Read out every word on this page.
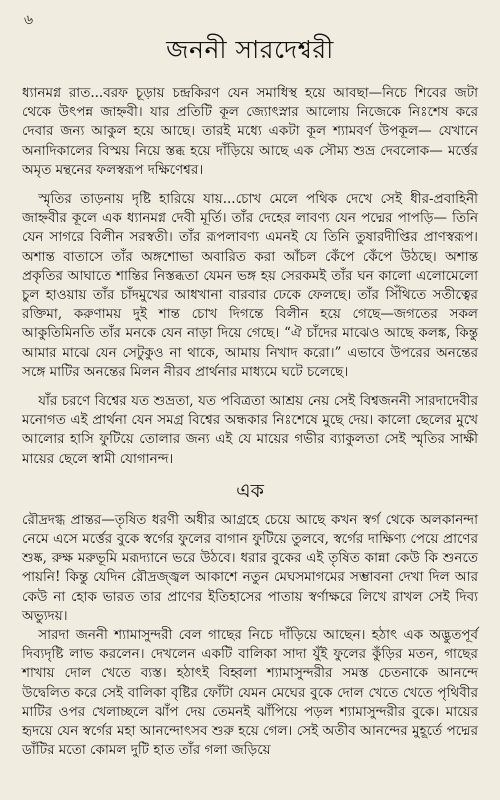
৬
জননী সারদেশ্বরী

ধ্যানমগ্ন রাত...বরফ চূড়ায় চন্দ্রকিরণ যেন সমাধিস্থ হয়ে আবছা—নিচে শিবের জটা থেকে উৎপন্ন জাহ্নবী। যার প্রতিটি কূল জ্যোৎস্নার আলোয় নিজেকে নিঃশেষ করে দেবার জন্য আকুল হয়ে আছে। তারই মধ্যে একটা কূল শ্যামবর্ণ উপকূল— যেখানে অনাদিকালের বিস্ময় নিয়ে স্তব্ধ হয়ে দাঁড়িয়ে আছে এক সৌম্য শুভ্র দেবলোক— মর্ত্তের অমৃত মন্থনের ফলস্বরূপ দক্ষিণেশ্বর।

স্মৃতির তাড়নায় দৃষ্টি হারিয়ে যায়...চোখ মেলে পথিক দেখে সেই ধীর-প্রবাহিনী জাহ্নবীর কূলে এক ধ্যানমগ্ন দেবী মূর্তি। তাঁর দেহের লাবণ্য যেন পদ্মের পাপড়ি— তিনি যেন সাগরে বিলীন সরস্বতী। তাঁর রূপলাবণ্য এমনই যে তিনি তুষারদীপ্তির প্রাণস্বরূপ। অশান্ত বাতাসে তাঁর অঙ্গশোভা অবারিত করা আঁচল কেঁপে কেঁপে উঠছে। অশান্ত প্রকৃতির আঘাতে শান্তির নিস্তব্ধতা যেমন ভঙ্গ হয় সেরকমই তাঁর ঘন কালো এলোমেলো চুল হাওয়ায় তাঁর চাঁদমুখের আধখানা বারবার ঢেকে ফেলছে। তাঁর সিঁথিতে সতীত্বের রক্তিমা, করুণাময় দুই শান্ত চোখ দিগন্তে বিলীন হয়ে গেছে—জগতের সকল আকুতিমিনতি তাঁর মনকে যেন নাড়া দিয়ে গেছে। “ঐ চাঁদের মাঝেও আছে কলঙ্ক, কিন্তু আমার মাঝে যেন সেটুকুও না থাকে, আমায় নিখাদ করো।” এভাবে উপরের অনন্তের সঙ্গে মাটির অনন্তের মিলন নীরব প্রার্থনার মাধ্যমে ঘটে চলেছে।

যাঁর চরণে বিশ্বের যত শুভ্রতা, যত পবিত্রতা আশ্রয় নেয় সেই বিশ্বজননী সারদাদেবীর মনোগত এই প্রার্থনা যেন সমগ্র বিশ্বের অন্ধকার নিঃশেষে মুছে দেয়। কালো ছেলের মুখে আলোর হাসি ফুটিয়ে তোলার জন্য এই যে মায়ের গভীর ব্যাকুলতা সেই স্মৃতির সাক্ষী মায়ের ছেলে স্বামী যোগানন্দ।

এক

রৌদ্রদগ্ধ প্রান্তর—তৃষিত ধরণী অধীর আগ্রহে চেয়ে আছে কখন স্বর্গ থেকে অলকানন্দা নেমে এসে মর্ত্তের বুকে স্বর্গের ফুলের বাগান ফুটিয়ে তুলবে, স্বর্গের দাক্ষিণ্য পেয়ে প্রাণের শুষ্ক, রুক্ষ মরুভূমি মরূদ্যানে ভরে উঠবে। ধরার বুকের এই তৃষিত কান্না কেউ কি শুনতে পায়নি! কিন্তু যেদিন রৌদ্রজ্জ্বল আকাশে নতুন মেঘসমাগমের সম্ভাবনা দেখা দিল আর কেউ না হোক ভারত তার প্রাণের ইতিহাসের পাতায় স্বর্ণাক্ষরে লিখে রাখল সেই দিব্য অভ্যুদয়।

সারদা জননী শ্যামাসুন্দরী বেল গাছের নিচে দাঁড়িয়ে আছেন। হঠাৎ এক অদ্ভুতপূর্ব দিব্যদৃষ্টি লাভ করলেন। দেখলেন একটি বালিকা সাদা যুঁই ফুলের কুঁড়ির মতন, গাছের শাখায় দোল খেতে ব্যস্ত। হঠাৎই বিহ্বলা শ্যামাসুন্দরীর সমস্ত চেতনাকে আনন্দে উদ্বেলিত করে সেই বালিকা বৃষ্টির ফোঁটা যেমন মেঘের বুকে দোল খেতে খেতে পৃথিবীর মাটির ওপর খেলাচ্ছলে ঝাঁপ দেয় তেমনই ঝাঁপিয়ে পড়ল শ্যামাসুন্দরীর বুকে। মায়ের হৃদয়ে যেন স্বর্গের মহা আনন্দোৎসব শুরু হয়ে গেল। সেই অতীব আনন্দের মুহূর্তে পদ্মের ডাঁটির মতো কোমল দুটি হাত তাঁর গলা জড়িয়ে
